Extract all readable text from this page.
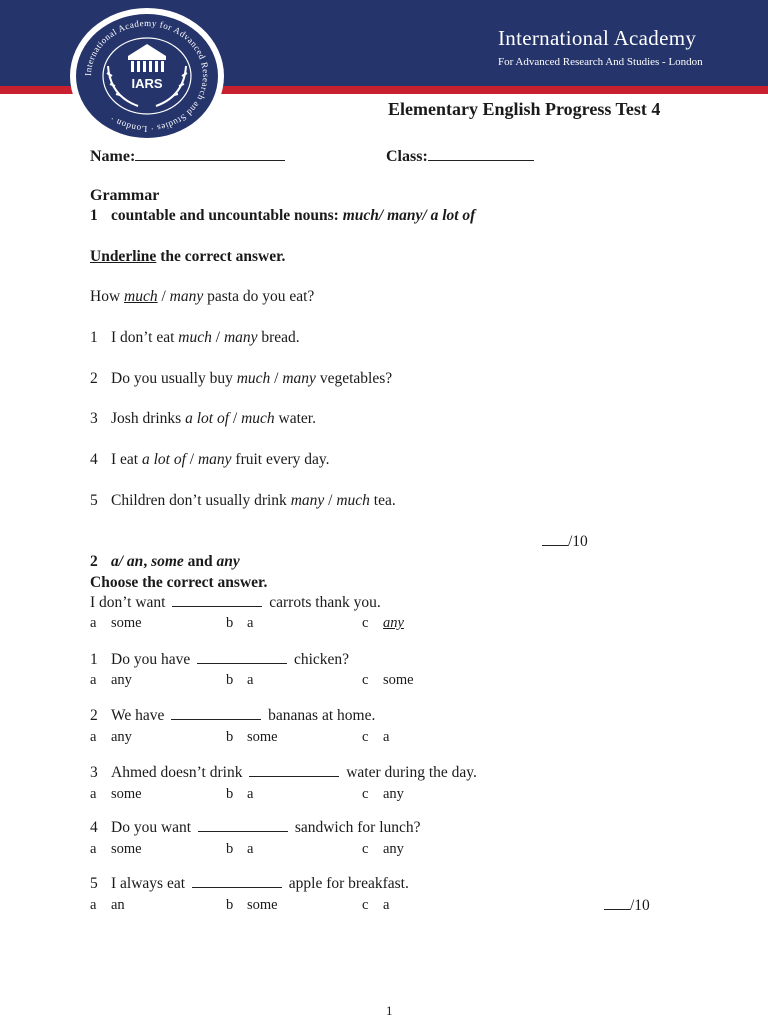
International Academy for Advanced Research and Studies · London ·
IARS
International Academy
For Advanced Research And Studies - London
Elementary English Progress Test 4
Name:	Class:
Grammar
1 countable and uncountable nouns: much/ many/ a lot of
Underline the correct answer.
How much / many pasta do you eat?
1 I don’t eat much / many bread.
2 Do you usually buy much / many vegetables?
3 Josh drinks a lot of / much water.
4 I eat a lot of / many fruit every day.
5 Children don’t usually drink many / much tea.
/10
2 a/ an, some and any
Choose the correct answer.
I don’t want	carrots thank you.
a some	b a	c any
1 Do you have	chicken?
a any	b a	c some
2 We have	bananas at home.
a any	b some	c a
3 Ahmed doesn’t drink	water during the day.
a some	b a	c any
4 Do you want	sandwich for lunch?
a some	b a	c any
5 I always eat	apple for breakfast.
a an	b some	c a	/10
1
